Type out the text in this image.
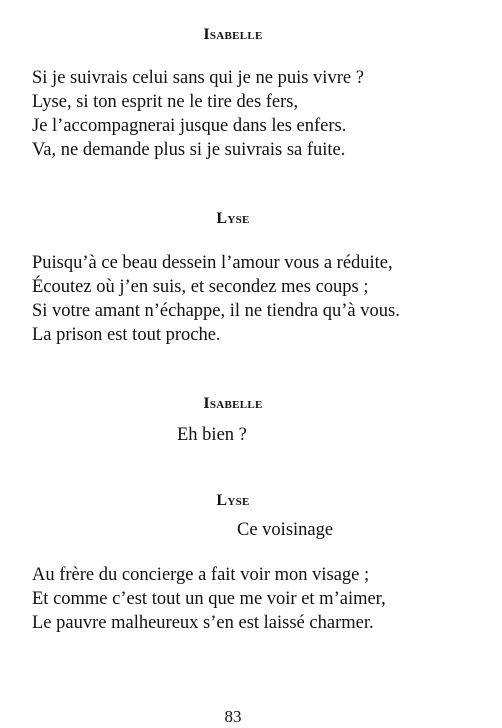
Isabelle
Si je suivrais celui sans qui je ne puis vivre ?
Lyse, si ton esprit ne le tire des fers,
Je l’accompagnerai jusque dans les enfers.
Va, ne demande plus si je suivrais sa fuite.
Lyse
Puisqu’à ce beau dessein l’amour vous a réduite,
Écoutez où j’en suis, et secondez mes coups ;
Si votre amant n’échappe, il ne tiendra qu’à vous.
La prison est tout proche.
Isabelle
Eh bien ?
Lyse
Ce voisinage
Au frère du concierge a fait voir mon visage ;
Et comme c’est tout un que me voir et m’aimer,
Le pauvre malheureux s’en est laissé charmer.
83
